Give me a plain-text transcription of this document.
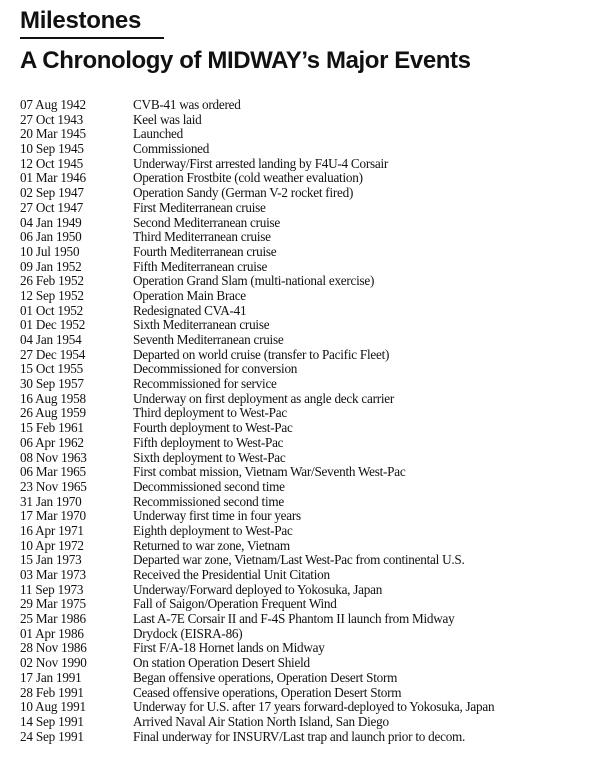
Milestones
A Chronology of MIDWAY’s Major Events
07 Aug 1942	CVB-41 was ordered
27 Oct 1943	Keel was laid
20 Mar 1945	Launched
10 Sep 1945	Commissioned
12 Oct 1945	Underway/First arrested landing by F4U-4 Corsair
01 Mar 1946	Operation Frostbite (cold weather evaluation)
02 Sep 1947	Operation Sandy (German V-2 rocket fired)
27 Oct 1947	First Mediterranean cruise
04 Jan 1949	Second Mediterranean cruise
06 Jan 1950	Third Mediterranean cruise
10 Jul 1950	Fourth Mediterranean cruise
09 Jan 1952	Fifth Mediterranean cruise
26 Feb 1952	Operation Grand Slam (multi-national exercise)
12 Sep 1952	Operation Main Brace
01 Oct 1952	Redesignated CVA-41
01 Dec 1952	Sixth Mediterranean cruise
04 Jan 1954	Seventh Mediterranean cruise
27 Dec 1954	Departed on world cruise (transfer to Pacific Fleet)
15 Oct 1955	Decommissioned for conversion
30 Sep 1957	Recommissioned for service
16 Aug 1958	Underway on first deployment as angle deck carrier
26 Aug 1959	Third deployment to West-Pac
15 Feb 1961	Fourth deployment to West-Pac
06 Apr 1962	Fifth deployment to West-Pac
08 Nov 1963	Sixth deployment to West-Pac
06 Mar 1965	First combat mission, Vietnam War/Seventh West-Pac
23 Nov 1965	Decommissioned second time
31 Jan 1970	Recommissioned second time
17 Mar 1970	Underway first time in four years
16 Apr 1971	Eighth deployment to West-Pac
10 Apr 1972	Returned to war zone, Vietnam
15 Jan 1973	Departed war zone, Vietnam/Last West-Pac from continental U.S.
03 Mar 1973	Received the Presidential Unit Citation
11 Sep 1973	Underway/Forward deployed to Yokosuka, Japan
29 Mar 1975	Fall of Saigon/Operation Frequent Wind
25 Mar 1986	Last A-7E Corsair II and F-4S Phantom II launch from Midway
01 Apr 1986	Drydock (EISRA-86)
28 Nov 1986	First F/A-18 Hornet lands on Midway
02 Nov 1990	On station Operation Desert Shield
17 Jan 1991	Began offensive operations, Operation Desert Storm
28 Feb 1991	Ceased offensive operations, Operation Desert Storm
10 Aug 1991	Underway for U.S. after 17 years forward-deployed to Yokosuka, Japan
14 Sep 1991	Arrived Naval Air Station North Island, San Diego
24 Sep 1991	Final underway for INSURV/Last trap and launch prior to decom.
